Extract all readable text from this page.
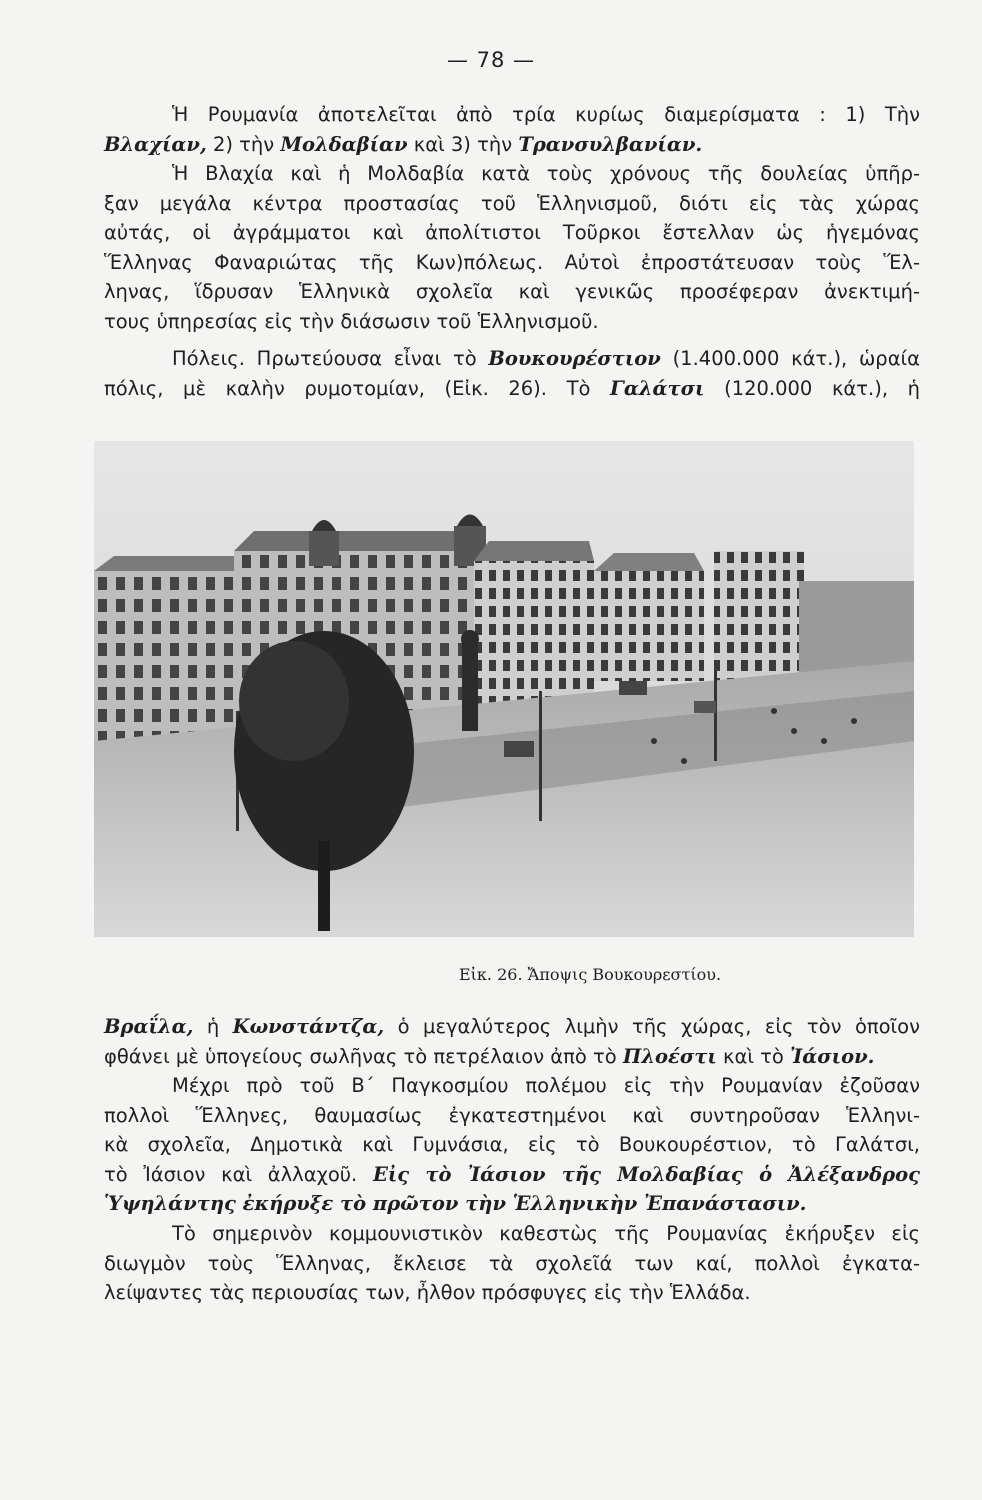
— 78 —
Ἡ Ρουμανία ἀποτελεῖται ἀπὸ τρία κυρίως διαμερίσματα : 1) Τὴν
Βλαχίαν, 2) τὴν Μολδαβίαν καὶ 3) τὴν Τρανσυλβανίαν.
Ἡ Βλαχία καὶ ἡ Μολδαβία κατὰ τοὺς χρόνους τῆς δουλείας ὑπῆρ-
ξαν μεγάλα κέντρα προστασίας τοῦ Ἑλληνισμοῦ, διότι εἰς τὰς χώρας
αὐτάς, οἱ ἀγράμματοι καὶ ἀπολίτιστοι Τοῦρκοι ἔστελλαν ὡς ἡγεμόνας
Ἕλληνας Φαναριώτας τῆς Κων)πόλεως. Αὐτοὶ ἐπροστάτευσαν τοὺς Ἕλ-
ληνας, ἵδρυσαν Ἑλληνικὰ σχολεῖα καὶ γενικῶς προσέφεραν ἀνεκτιμή-
τους ὑπηρεσίας εἰς τὴν διάσωσιν τοῦ Ἑλληνισμοῦ.
Πόλεις. Πρωτεύουσα εἶναι τὸ Βουκουρέστιον (1.400.000 κάτ.), ὡραία
πόλις, μὲ καλὴν ρυμοτομίαν, (Εἰκ. 26). Τὸ Γαλάτσι (120.000 κάτ.), ἡ
Εἰκ. 26. Ἄποψις Βουκουρεστίου.
Βραΐλα, ἡ Κωνστάντζα, ὁ μεγαλύτερος λιμὴν τῆς χώρας, εἰς τὸν ὁποῖον
φθάνει μὲ ὑπογείους σωλῆνας τὸ πετρέλαιον ἀπὸ τὸ Πλοέστι καὶ τὸ Ἰάσιον.
Μέχρι πρὸ τοῦ Β΄ Παγκοσμίου πολέμου εἰς τὴν Ρουμανίαν ἐζοῦσαν
πολλοὶ Ἕλληνες, θαυμασίως ἐγκατεστημένοι καὶ συντηροῦσαν Ἑλληνι-
κὰ σχολεῖα, Δημοτικὰ καὶ Γυμνάσια, εἰς τὸ Βουκουρέστιον, τὸ Γαλάτσι,
τὸ Ἰάσιον καὶ ἀλλαχοῦ. Εἰς τὸ Ἰάσιον τῆς Μολδαβίας ὁ Ἀλέξανδρος
Ὑψηλάντης ἐκήρυξε τὸ πρῶτον τὴν Ἑλληνικὴν Ἐπανάστασιν.
Τὸ σημερινὸν κομμουνιστικὸν καθεστὼς τῆς Ρουμανίας ἐκήρυξεν εἰς
διωγμὸν τοὺς Ἕλληνας, ἔκλεισε τὰ σχολεῖά των καί, πολλοὶ ἐγκατα-
λείψαντες τὰς περιουσίας των, ἦλθον πρόσφυγες εἰς τὴν Ἑλλάδα.
